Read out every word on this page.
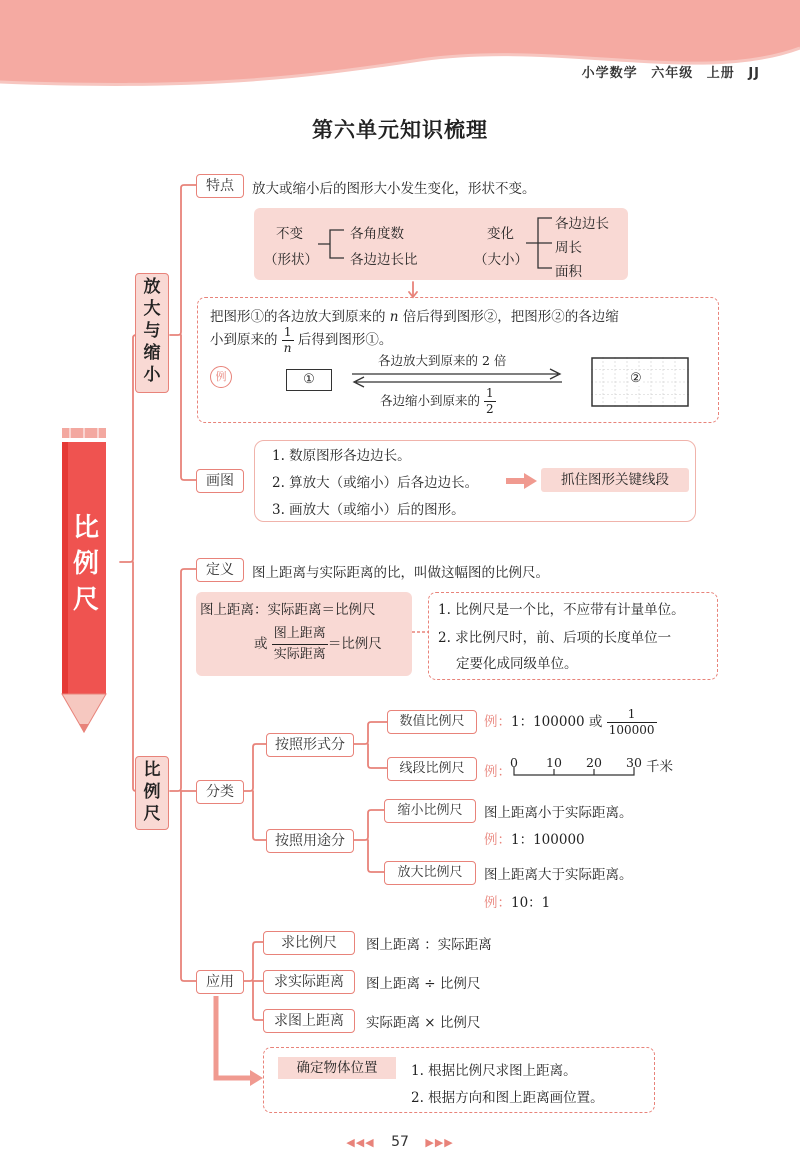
小学数学 六年级 上册 JJ
第六单元知识梳理
比
例
尺
放
大
与
缩
小
特点	放大或缩小后的图形大小发生变化，形状不变。
不变
（形状）
各角度数
各边边长比
变化
（大小）
各边边长
周长
面积
把图形①的各边放大到原来的 n 倍后得到图形②，把图形②的各边缩
小到原来的 $\frac{1}{n}$ 后得到图形①。
例	①
各边放大到原来的 2 倍
各边缩小到原来的 $\frac{1}{2}$
②
画图
1. 数原图形各边边长。
2. 算放大（或缩小）后各边边长。
3. 画放大（或缩小）后的图形。
抓住图形关键线段
比
例
尺
定义	图上距离与实际距离的比，叫做这幅图的比例尺。
图上距离：实际距离＝比例尺
或 $\frac{\text{图上距离}}{\text{实际距离}}$ ＝比例尺
1. 比例尺是一个比，不应带有计量单位。
2. 求比例尺时，前、后项的长度单位一
定要化成同级单位。
分类
按照形式分
按照用途分
数值比例尺	例：1：100000 或 $\frac{1}{100000}$
线段比例尺	例：
0 10 20 30 千米
缩小比例尺	图上距离小于实际距离。
例：1：100000
放大比例尺	图上距离大于实际距离。
例：10：1
应用
求比例尺	图上距离 ：实际距离
求实际距离	图上距离 ÷ 比例尺
求图上距离	实际距离 × 比例尺
确定物体位置	1. 根据比例尺求图上距离。
2. 根据方向和图上距离画位置。
◀◀◀ 57 ▶▶▶
